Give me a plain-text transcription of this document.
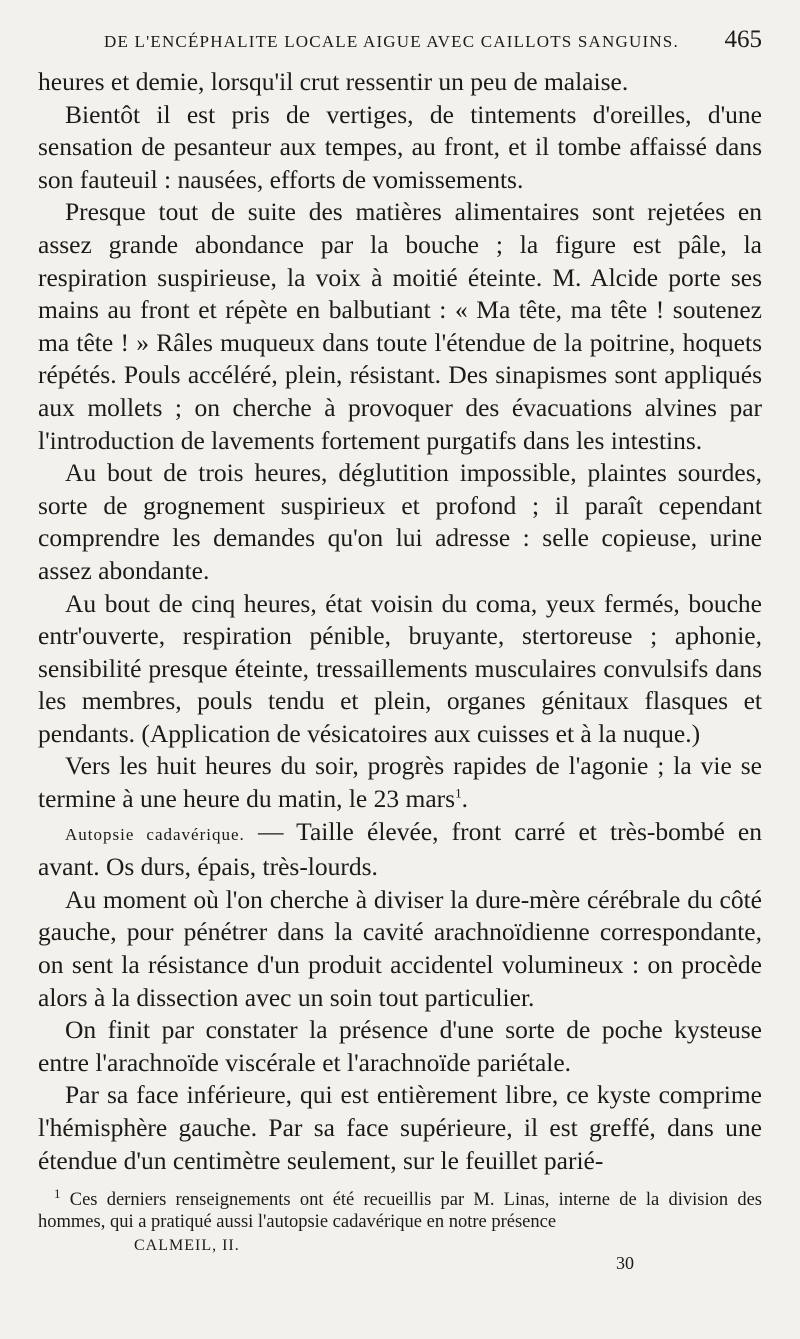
DE L'ENCÉPHALITE LOCALE AIGUE AVEC CAILLOTS SANGUINS. 465

heures et demie, lorsqu'il crut ressentir un peu de malaise.

Bientôt il est pris de vertiges, de tintements d'oreilles, d'une sensation de pesanteur aux tempes, au front, et il tombe affaissé dans son fauteuil : nausées, efforts de vomissements.

Presque tout de suite des matières alimentaires sont rejetées en assez grande abondance par la bouche ; la figure est pâle, la respiration suspirieuse, la voix à moitié éteinte. M. Alcide porte ses mains au front et répète en balbutiant : « Ma tête, ma tête ! soutenez ma tête ! » Râles muqueux dans toute l'étendue de la poitrine, hoquets répétés. Pouls accéléré, plein, résistant. Des sinapismes sont appliqués aux mollets ; on cherche à provoquer des évacuations alvines par l'introduction de lavements fortement purgatifs dans les intestins.

Au bout de trois heures, déglutition impossible, plaintes sourdes, sorte de grognement suspirieux et profond ; il paraît cependant comprendre les demandes qu'on lui adresse : selle copieuse, urine assez abondante.

Au bout de cinq heures, état voisin du coma, yeux fermés, bouche entr'ouverte, respiration pénible, bruyante, stertoreuse ; aphonie, sensibilité presque éteinte, tressaillements musculaires convulsifs dans les membres, pouls tendu et plein, organes génitaux flasques et pendants. (Application de vésicatoires aux cuisses et à la nuque.)

Vers les huit heures du soir, progrès rapides de l'agonie ; la vie se termine à une heure du matin, le 23 mars$^1$.

Autopsie cadavérique. — Taille élevée, front carré et très-bombé en avant. Os durs, épais, très-lourds.

Au moment où l'on cherche à diviser la dure-mère cérébrale du côté gauche, pour pénétrer dans la cavité arachnoïdienne correspondante, on sent la résistance d'un produit accidentel volumineux : on procède alors à la dissection avec un soin tout particulier.

On finit par constater la présence d'une sorte de poche kysteuse entre l'arachnoïde viscérale et l'arachnoïde pariétale.

Par sa face inférieure, qui est entièrement libre, ce kyste comprime l'hémisphère gauche. Par sa face supérieure, il est greffé, dans une étendue d'un centimètre seulement, sur le feuillet parié-

$^1$ Ces derniers renseignements ont été recueillis par M. Linas, interne de la division des hommes, qui a pratiqué aussi l'autopsie cadavérique en notre présence

CALMEIL, II.
30
